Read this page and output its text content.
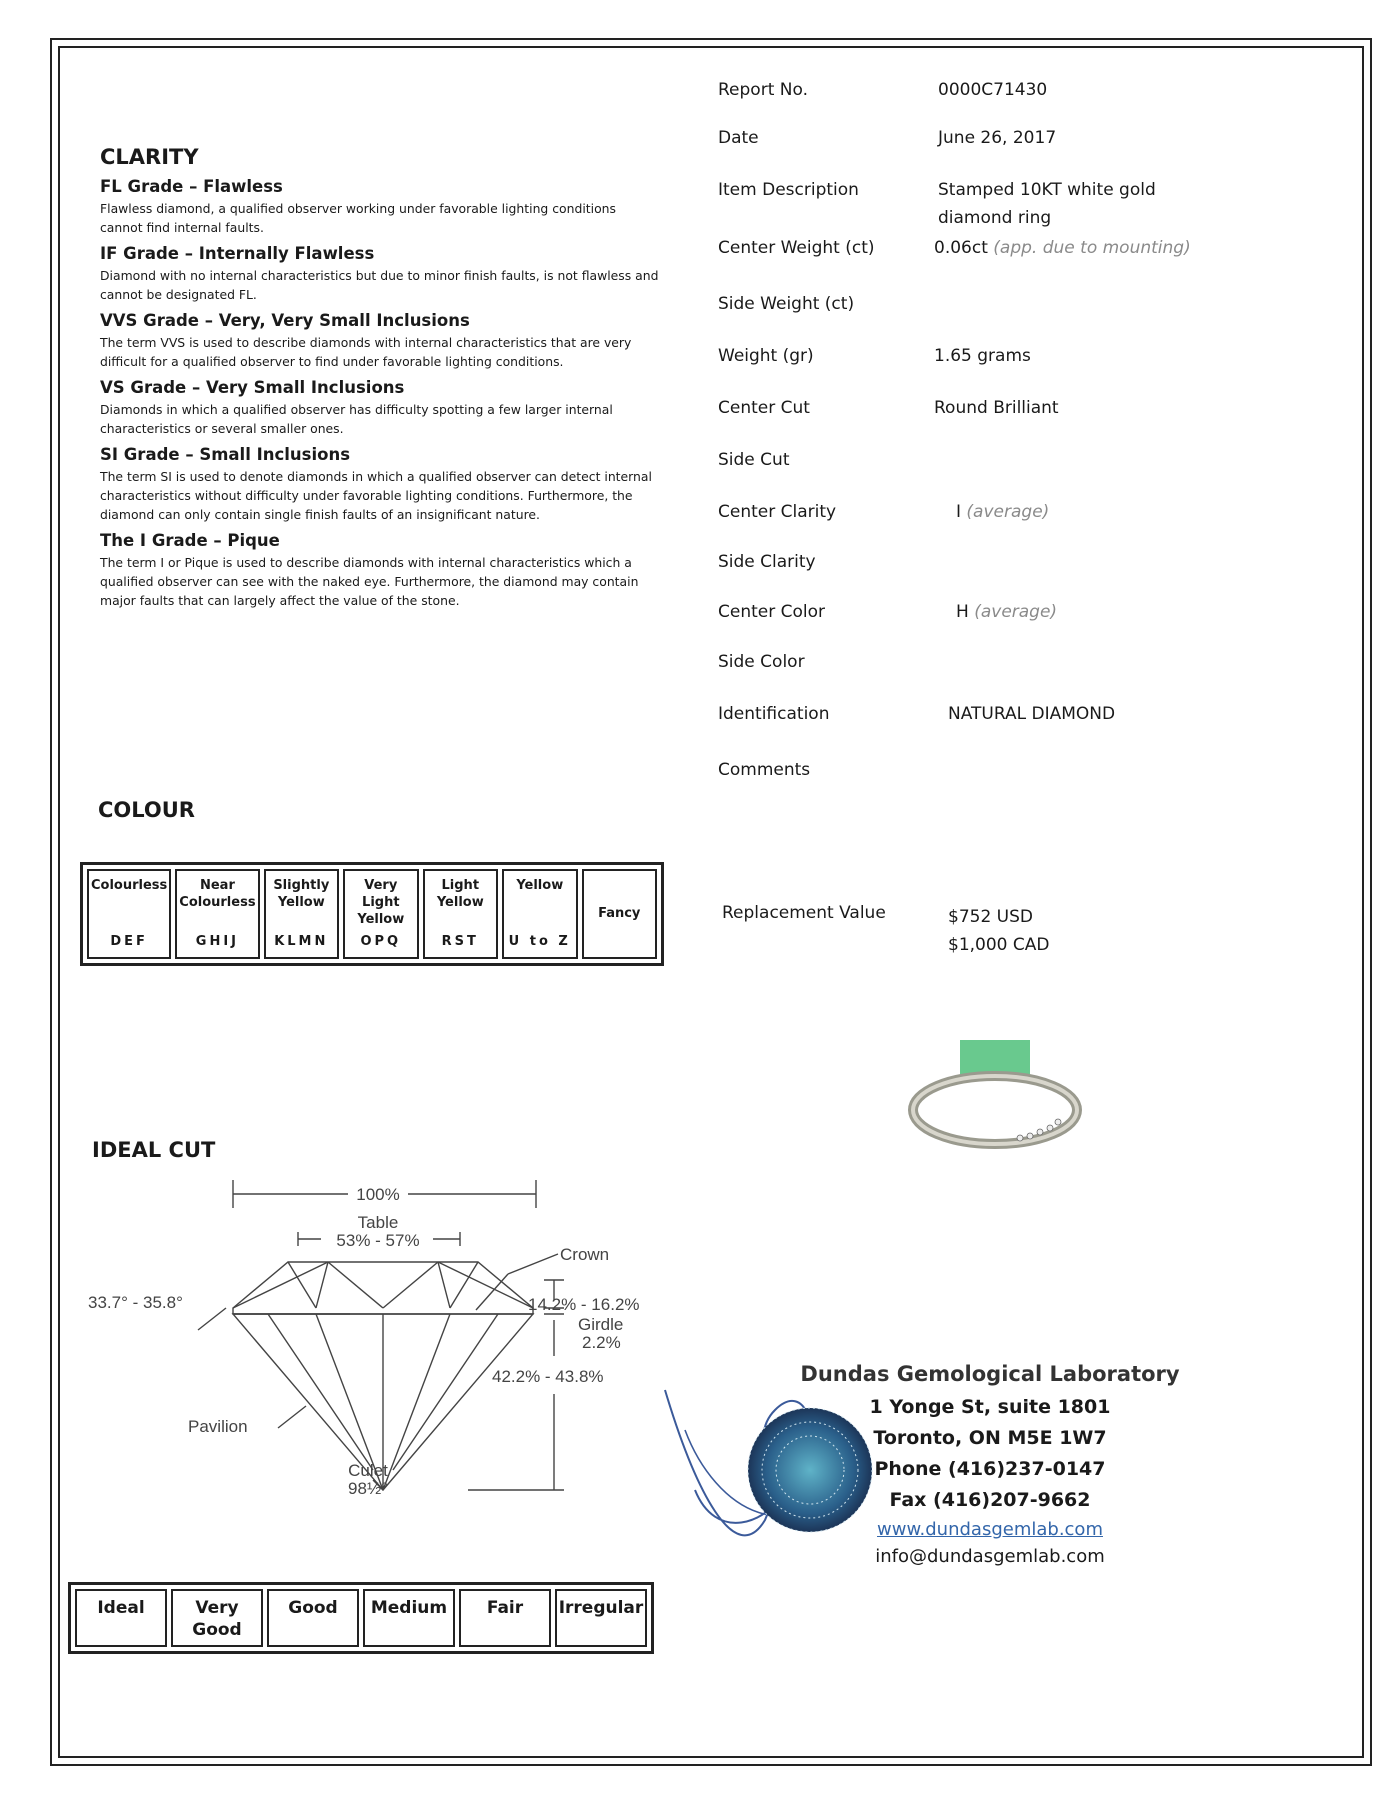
CLARITY
FL Grade – Flawless

Flawless diamond, a qualified observer working under favorable lighting conditions cannot find internal faults.

IF Grade – Internally Flawless

Diamond with no internal characteristics but due to minor finish faults, is not flawless and cannot be designated FL.

VVS Grade – Very, Very Small Inclusions

The term VVS is used to describe diamonds with internal characteristics that are very difficult for a qualified observer to find under favorable lighting conditions.

VS Grade – Very Small Inclusions

Diamonds in which a qualified observer has difficulty spotting a few larger internal characteristics or several smaller ones.

SI Grade – Small Inclusions

The term SI is used to denote diamonds in which a qualified observer can detect internal characteristics without difficulty under favorable lighting conditions. Furthermore, the diamond can only contain single finish faults of an insignificant nature.

The I Grade – Pique

The term I or Pique is used to describe diamonds with internal characteristics which a qualified observer can see with the naked eye. Furthermore, the diamond may contain major faults that can largely affect the value of the stone.

Report No.	0000C71430
Date	June 26, 2017
Item Description	Stamped 10KT white gold diamond ring
Center Weight (ct)	0.06ct (app. due to mounting)
Side Weight (ct)
Weight (gr)	1.65 grams
Center Cut	Round Brilliant
Side Cut
Center Clarity	I (average)
Side Clarity
Center Color	H (average)
Side Color
Identification	NATURAL DIAMOND
Comments
Replacement Value	$752 USD
$1,000 CAD
COLOUR
Colourless
DEF
Near Colourless
GHIJ
Slightly Yellow
KLMN
Very Light Yellow
OPQ
Light Yellow
RST
Yellow
U to Z
Fancy
IDEAL CUT
100%
Table
53% - 57%
Crown
33.7° - 35.8°	14.2% - 16.2%
Girdle
2.2%
42.2% - 43.8%
Pavilion
Culet
98½°
Ideal	Very Good
Good	Medium	Fair	Irregular
Dundas Gemological Laboratory
1 Yonge St, suite 1801
Toronto, ON M5E 1W7
Phone (416)237-0147
Fax (416)207-9662
www.dundasgemlab.com
info@dundasgemlab.com
